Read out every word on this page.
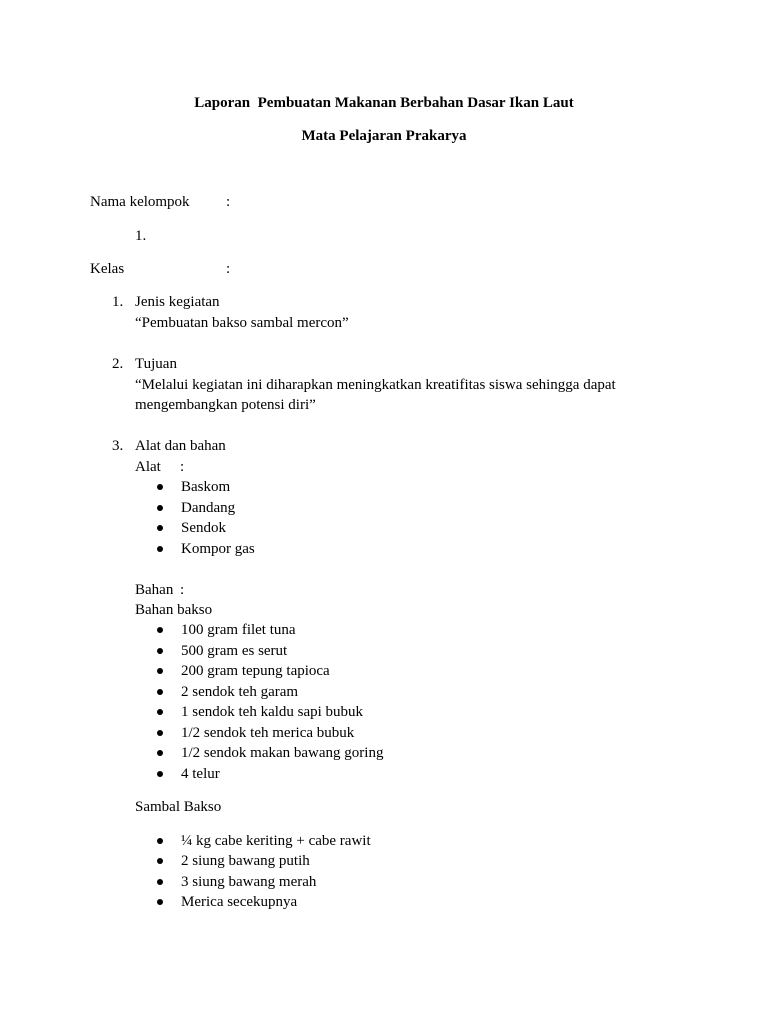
Laporan  Pembuatan Makanan Berbahan Dasar Ikan Laut
Mata Pelajaran Prakarya
Nama kelompok :
1.
Kelas	:
1. Jenis kegiatan
“Pembuatan bakso sambal mercon”
2. Tujuan
“Melalui kegiatan ini diharapkan meningkatkan kreatifitas siswa sehingga dapat
mengembangkan potensi diri”
3. Alat dan bahan
Alat :
Baskom
Dandang
Sendok
Kompor gas
Bahan :
Bahan bakso
100 gram filet tuna
500 gram es serut
200 gram tepung tapioca
2 sendok teh garam
1 sendok teh kaldu sapi bubuk
1/2 sendok teh merica bubuk
1/2 sendok makan bawang goring
4 telur
Sambal Bakso
¼ kg cabe keriting + cabe rawit
2 siung bawang putih
3 siung bawang merah
Merica secekupnya
